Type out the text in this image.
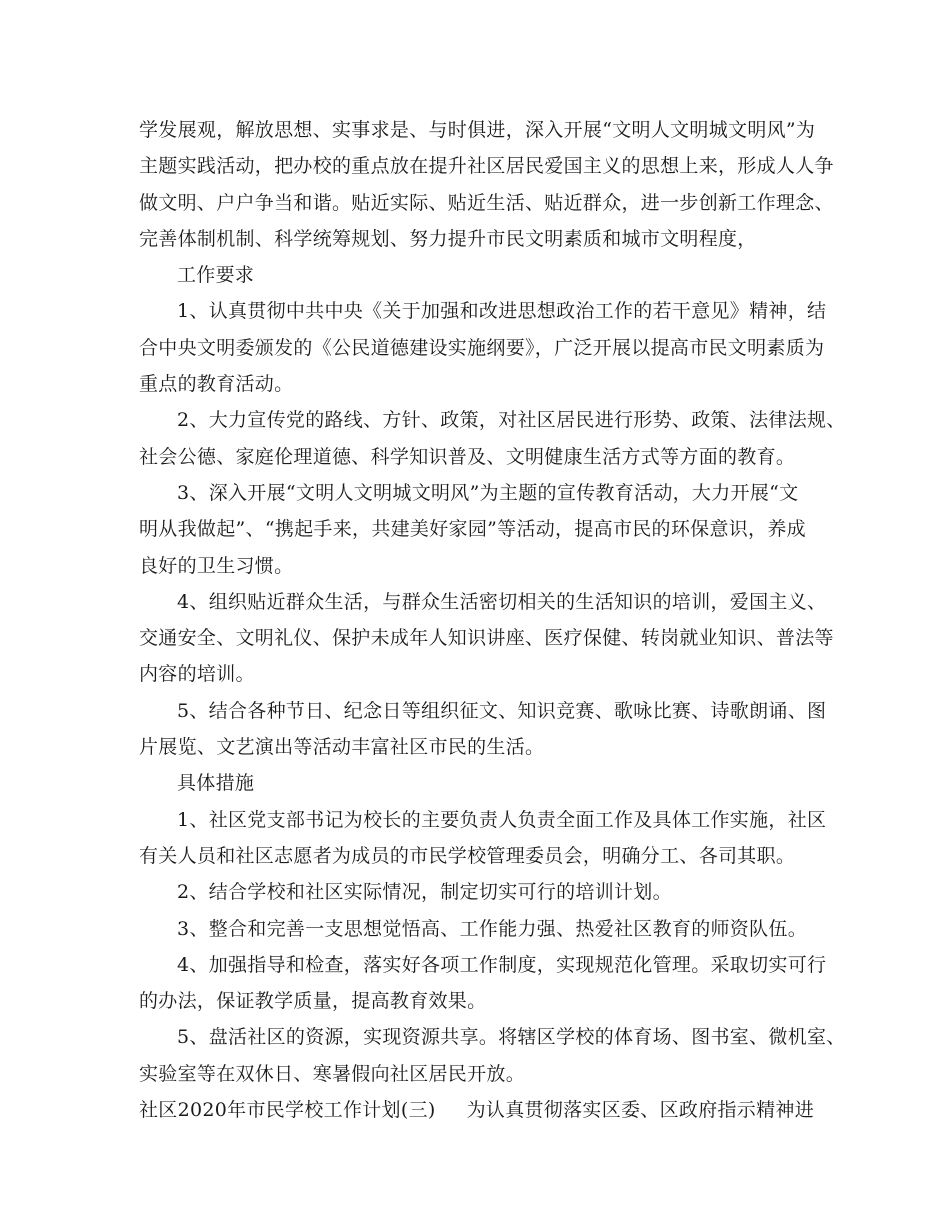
学发展观，解放思想、实事求是、与时俱进，深入开展“文明人文明城文明风”为
主题实践活动，把办校的重点放在提升社区居民爱国主义的思想上来，形成人人争
做文明、户户争当和谐。贴近实际、贴近生活、贴近群众，进一步创新工作理念、
完善体制机制、科学统筹规划、努力提升市民文明素质和城市文明程度，
工作要求
1、认真贯彻中共中央《关于加强和改进思想政治工作的若干意见》精神，结
合中央文明委颁发的《公民道德建设实施纲要》，广泛开展以提高市民文明素质为
重点的教育活动。
2、大力宣传党的路线、方针、政策，对社区居民进行形势、政策、法律法规、
社会公德、家庭伦理道德、科学知识普及、文明健康生活方式等方面的教育。
3、深入开展“文明人文明城文明风”为主题的宣传教育活动，大力开展“文
明从我做起”、“携起手来，共建美好家园”等活动，提高市民的环保意识，养成
良好的卫生习惯。
4、组织贴近群众生活，与群众生活密切相关的生活知识的培训，爱国主义、
交通安全、文明礼仪、保护未成年人知识讲座、医疗保健、转岗就业知识、普法等
内容的培训。
5、结合各种节日、纪念日等组织征文、知识竞赛、歌咏比赛、诗歌朗诵、图
片展览、文艺演出等活动丰富社区市民的生活。
具体措施
1、社区党支部书记为校长的主要负责人负责全面工作及具体工作实施，社区
有关人员和社区志愿者为成员的市民学校管理委员会，明确分工、各司其职。
2、结合学校和社区实际情况，制定切实可行的培训计划。
3、整合和完善一支思想觉悟高、工作能力强、热爱社区教育的师资队伍。
4、加强指导和检查，落实好各项工作制度，实现规范化管理。采取切实可行
的办法，保证教学质量，提高教育效果。
5、盘活社区的资源，实现资源共享。将辖区学校的体育场、图书室、微机室、
实验室等在双休日、寒暑假向社区居民开放。
社区2020年市民学校工作计划(三) 为认真贯彻落实区委、区政府指示精神进
